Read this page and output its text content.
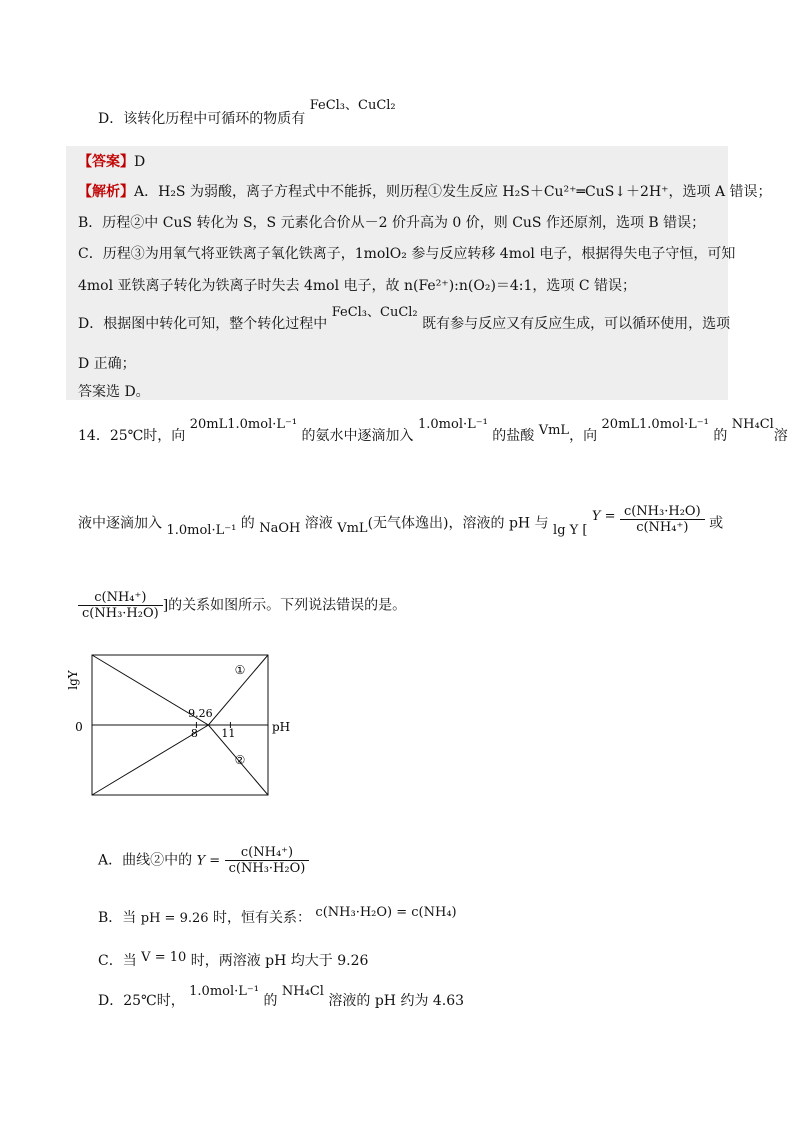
D．该转化历程中可循环的物质有 FeCl₃、CuCl₂
【答案】D
【解析】A．H₂S 为弱酸，离子方程式中不能拆，则历程①发生反应 H₂S＋Cu²⁺═CuS↓＋2H⁺，选项 A 错误；
B．历程②中 CuS 转化为 S，S 元素化合价从－2 价升高为 0 价，则 CuS 作还原剂，选项 B 错误；
C．历程③为用氧气将亚铁离子氧化铁离子，1molO₂ 参与反应转移 4mol 电子，根据得失电子守恒，可知
4mol 亚铁离子转化为铁离子时失去 4mol 电子，故 n(Fe²⁺):n(O₂)＝4:1，选项 C 错误；
D．根据图中转化可知，整个转化过程中 FeCl₃、CuCl₂ 既有参与反应又有反应生成，可以循环使用，选项
D 正确；
答案选 D。
14．25℃时，向 20mL1.0mol·L⁻¹ 的氨水中逐滴加入 1.0mol·L⁻¹ 的盐酸 VmL，向 20mL1.0mol·L⁻¹ 的 NH₄Cl溶
液中逐滴加入 1.0mol·L⁻¹ 的 NaOH 溶液 VmL(无气体逸出)，溶液的 pH 与 lg Y [ $Y = \frac{\text{c(NH₃·H₂O)}}{\text{c(NH₄⁺)}}$ 或
$\frac{\text{c(NH₄⁺)}}{\text{c(NH₃·H₂O)}}$ ]的关系如图所示。下列说法错误的是。
lgY
0	pH
①
②
9.26
8 11
A．曲线②中的 $Y = \frac{\text{c(NH₄⁺)}}{\text{c(NH₃·H₂O)}}$
B．当 pH = 9.26 时，恒有关系： c(NH₃·H₂O) = c(NH₄)
C．当 V = 10 时，两溶液 pH 均大于 9.26
D．25℃时， 1.0mol·L⁻¹ 的 NH₄Cl 溶液的 pH 约为 4.63
